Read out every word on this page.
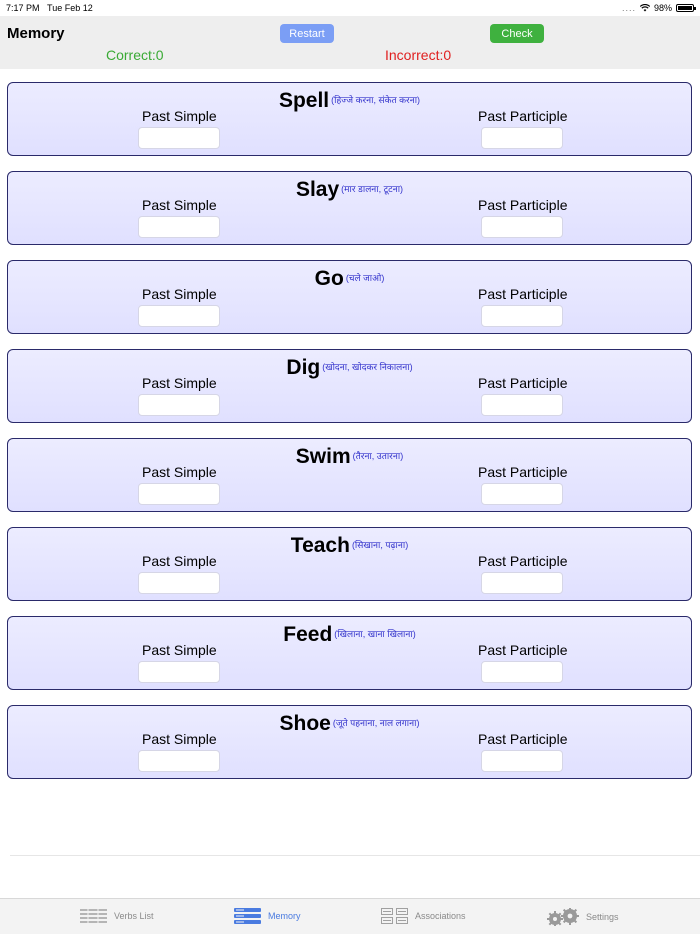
7:17 PM Tue Feb 12	.... 98%
Memory	Restart	Check
Correct:0	Incorrect:0
Spell $^{(हिज्जे करना, संकेत करना)}$
Past Simple	Past Participle
Slay $^{(मार डालना, टूटना)}$
Past Simple	Past Participle
Go $^{(चले जाओ)}$
Past Simple	Past Participle
Dig $^{(खोदना, खोदकर निकालना)}$
Past Simple	Past Participle
Swim $^{(तैरना, उतारना)}$
Past Simple	Past Participle
Teach $^{(सिखाना, पढ़ाना)}$
Past Simple	Past Participle
Feed $^{(खिलाना, खाना खिलाना)}$
Past Simple	Past Participle
Shoe $^{(जूते पहनाना, नाल लगाना)}$
Past Simple	Past Participle
Verbs List	Memory	Associations	Settings
